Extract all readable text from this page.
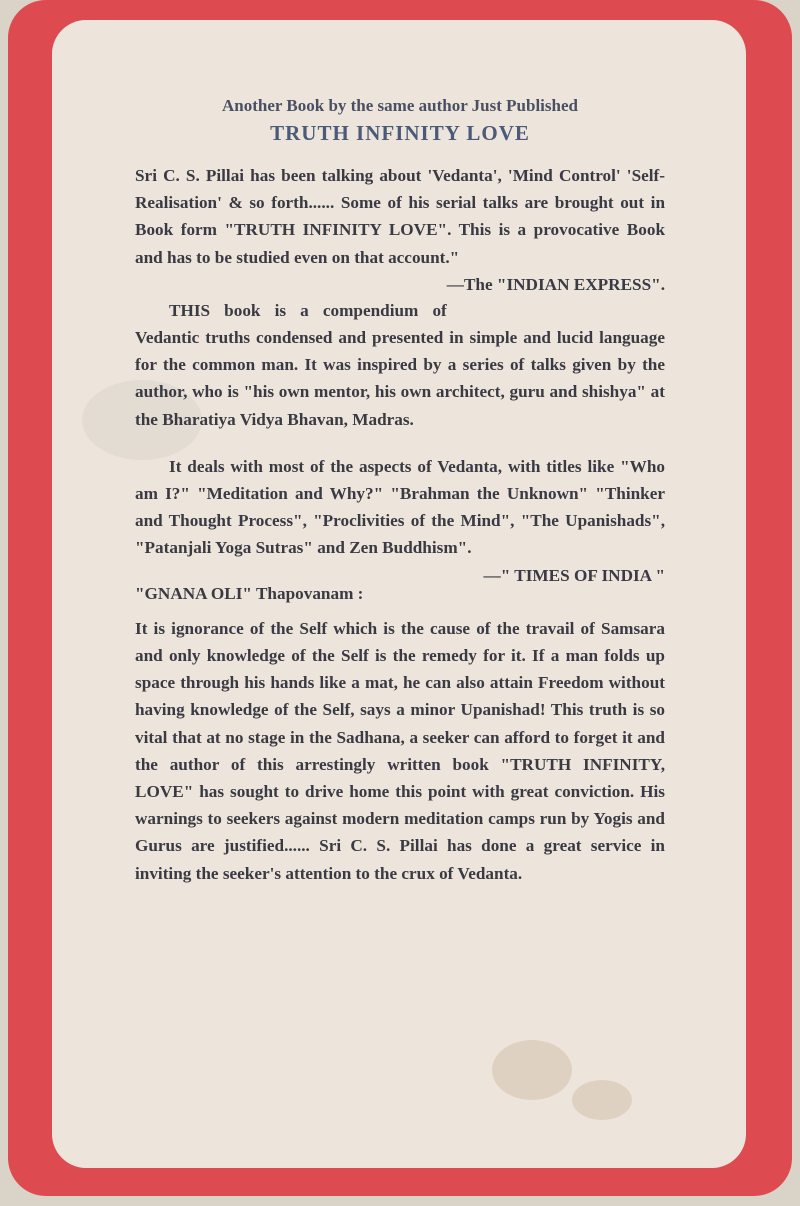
Another Book by the same author Just Published

TRUTH INFINITY LOVE

Sri C. S. Pillai has been talking about 'Vedanta', 'Mind Control' 'Self-Realisation' & so forth...... Some of his serial talks are brought out in Book form "TRUTH INFINITY LOVE". This is a provocative Book and has to be studied even on that account."

—The "INDIAN EXPRESS".

THIS book is a compendium of Vedantic truths condensed and presented in simple and lucid language for the common man. It was inspired by a series of talks given by the author, who is "his own mentor, his own architect, guru and shishya" at the Bharatiya Vidya Bhavan, Madras.

It deals with most of the aspects of Vedanta, with titles like "Who am I?" "Meditation and Why?" "Brahman the Unknown" "Thinker and Thought Process", "Proclivities of the Mind", "The Upanishads", "Patanjali Yoga Sutras" and Zen Buddhism".
—" TIMES OF INDIA "

"GNANA OLI" Thapovanam :

It is ignorance of the Self which is the cause of the travail of Samsara and only knowledge of the Self is the remedy for it. If a man folds up space through his hands like a mat, he can also attain Freedom without having knowledge of the Self, says a minor Upanishad! This truth is so vital that at no stage in the Sadhana, a seeker can afford to forget it and the author of this arrestingly written book "TRUTH INFINITY, LOVE" has sought to drive home this point with great conviction. His warnings to seekers against modern meditation camps run by Yogis and Gurus are justified...... Sri C. S. Pillai has done a great service in inviting the seeker's attention to the crux of Vedanta.
